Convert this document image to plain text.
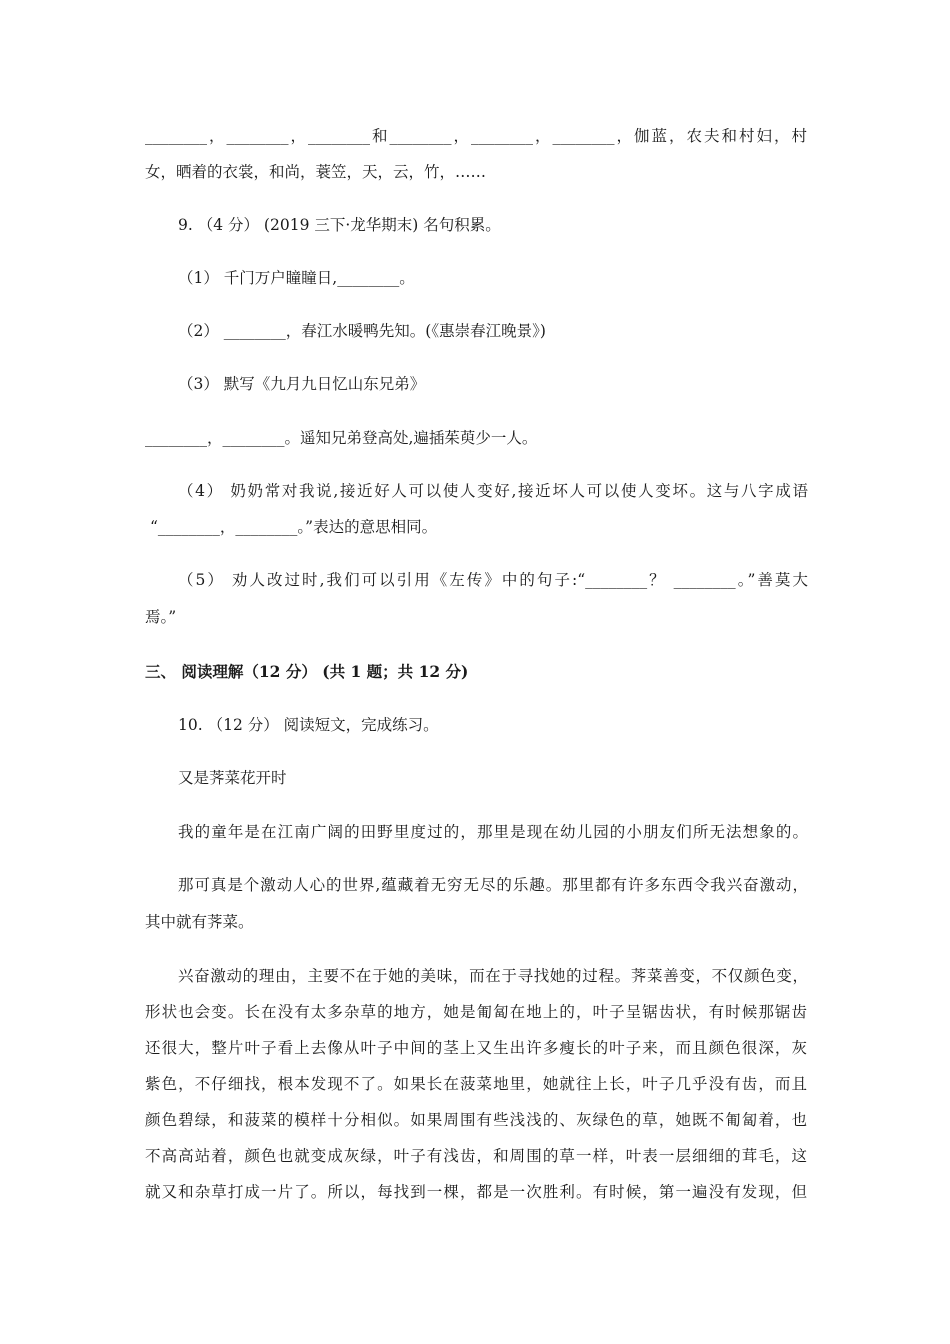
________，________，________和________，________，________，伽蓝，农夫和村妇，村
女，晒着的衣裳，和尚，蓑笠，天，云，竹，……
9. （4 分） (2019 三下·龙华期末) 名句积累。
（1） 千门万户瞳瞳日,________。
（2） ________，春江水暖鸭先知。(《惠崇春江晚景》)
（3） 默写《九月九日忆山东兄弟》
________，________。遥知兄弟登高处,遍插茱萸少一人。
（4） 奶奶常对我说,接近好人可以使人变好,接近坏人可以使人变坏。这与八字成语
“________，________。”表达的意思相同。
（5） 劝人改过时,我们可以引用《左传》中的句子:“________？ ________。”善莫大
焉。”
三、 阅读理解（12 分） (共 1 题；共 12 分)
10. （12 分） 阅读短文，完成练习。
又是荠菜花开时
我的童年是在江南广阔的田野里度过的，那里是现在幼儿园的小朋友们所无法想象的。
那可真是个激动人心的世界,蕴藏着无穷无尽的乐趣。那里都有许多东西令我兴奋激动，
其中就有荠菜。
兴奋激动的理由，主要不在于她的美味，而在于寻找她的过程。荠菜善变，不仅颜色变，
形状也会变。长在没有太多杂草的地方，她是匍匐在地上的，叶子呈锯齿状，有时候那锯齿
还很大，整片叶子看上去像从叶子中间的茎上又生出许多瘦长的叶子来，而且颜色很深，灰
紫色，不仔细找，根本发现不了。如果长在菠菜地里，她就往上长，叶子几乎没有齿，而且
颜色碧绿，和菠菜的模样十分相似。如果周围有些浅浅的、灰绿色的草，她既不匍匐着，也
不高高站着，颜色也就变成灰绿，叶子有浅齿，和周围的草一样，叶表一层细细的茸毛，这
就又和杂草打成一片了。所以，每找到一棵，都是一次胜利。有时候，第一遍没有发现，但
